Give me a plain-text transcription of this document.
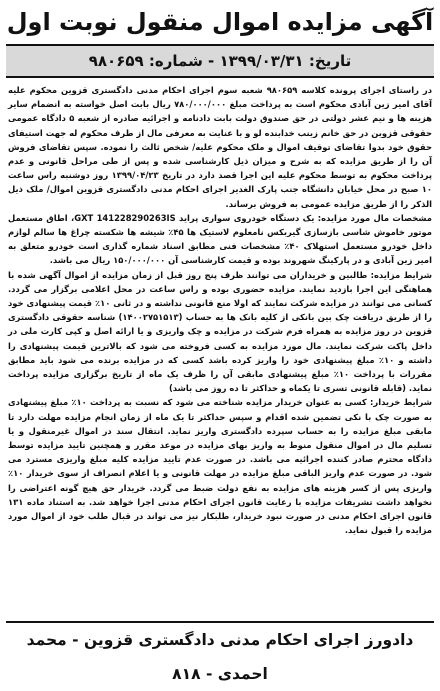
آگهی مزایده اموال منقول نوبت اول
تاریخ: ۱۳۹۹/۰۳/۳۱ - شماره: ۹۸۰۶۵۹

در راستای اجرای پرونده کلاسه ۹۸۰۶۵۹ شعبه سوم اجرای احکام مدنی دادگستری قزوین محکوم علیه آقای امیر زین آبادی محکوم است به پرداخت مبلغ ۷۸۰/۰۰۰/۰۰۰ ریال بابت اصل خواسته به انضمام سایر هزینه ها و نیم عشر دولتی در حق صندوق دولت بابت دادنامه و اجرائیه صادره از شعبه ۵ دادگاه عمومی حقوقی قزوین در حق خانم زینب خدابنده لو و با عنایت به معرفی مال از طرف محکوم له جهت استیفای حقوق خود بدوا تقاضای توقیف اموال و ملک محکوم علیه/ شخص ثالث را نموده. سپس تقاضای فروش آن را از طریق مزایده که به شرح و میزان ذیل کارشناسی شده و پس از طی مراحل قانونی و عدم پرداخت محکوم به توسط محکوم علیه این اجرا قصد دارد در تاریخ ۱۳۹۹/۰۴/۲۳ روز دوشنبه راس ساعت ۱۰ صبح در محل خیابان دانشگاه جنب پارک الغدیر اجرای احکام مدنی دادگستری قزوین اموال/ ملک ذیل الذکر را از طریق مزایده عمومی به فروش برساند.

مشخصات مال مورد مزایده: یک دستگاه خودروی سواری پراید GXT 141228290263IS، اطاق مستعمل موتور خاموش شاسی بازسازی گیربکس نامعلوم لاستیک ها ۴۵٪ شیشه ها شکسته چراغ ها سالم لوازم داخل خودرو مستعمل استهلاک ۴۰٪ مشخصات فنی مطابق اسناد شماره گذاری است خودرو متعلق به امیر زین آبادی و در پارکینگ شهروند بوده و قیمت کارشناسی آن ۱۵۰/۰۰۰/۰۰۰ ریال می باشد.

شرایط مزایده: طالبین و خریداران می توانند ظرف پنج روز قبل از زمان مزایده از اموال آگهی شده با هماهنگی این اجرا بازدید نمایند. مزایده حضوری بوده و راس ساعت در محل اعلامی برگزار می گردد. کسانی می توانند در مزایده شرکت نمایند که اولا منع قانونی نداشته و در ثانی ۱۰٪ قیمت پیشنهادی خود را از طریق دریافت چک بین بانکی از کلیه بانک ها به حساب (۱۴۰۰۲۷۵۱۵۱۳) شناسه حقوقی دادگستری قزوین در روز مزایده به همراه فرم شرکت در مزایده و چک واریزی و یا ارائه اصل و کپی کارت ملی در داخل پاکت شرکت نمایند. مال مورد مزایده به کسی فروخته می شود که بالاترین قیمت پیشنهادی را داشته و ۱۰٪ مبلغ پیشنهادی خود را واریز کرده باشد کسی که در مزایده برنده می شود باید مطابق مقررات با پرداخت ۱۰٪ مبلغ پیشنهادی مابقی آن را ظرف یک ماه از تاریخ برگزاری مزایده پرداخت نماید. (قابله قانونی تسری تا یکماه و حداکثر تا ده روز می باشد)

شرایط خریدار: کسی به عنوان خریدار مزایده شناخته می شود که نسبت به پرداخت ۱۰٪ مبلغ پیشنهادی به صورت چک با نکی تضمین شده اقدام و سپس حداکثر تا یک ماه از زمان انجام مزایده مهلت دارد تا مابقی مبلغ مزایده را به حساب سپرده دادگستری واریز نماید. انتقال سند در اموال غیرمنقول و یا تسلیم مال در اموال منقول منوط به واریز بهای مزایده در موعد مقرر و همچنین تایید مزایده توسط دادگاه محترم صادر کننده اجرائیه می باشد. در صورت عدم تایید مزایده کلیه مبلغ واریزی مسترد می شود. در صورت عدم واریز الباقی مبلغ مزایده در مهلت قانونی و یا اعلام انصراف از سوی خریدار ۱۰٪ واریزی پس از کسر هزینه های مزایده به نفع دولت ضبط می گردد. خریدار حق هیچ گونه اعتراضی را نخواهد داشت تشریفات مزایده با رعایت قانون اجرای احکام مدنی اجرا خواهد شد. به استناد ماده ۱۳۱ قانون اجرای احکام مدنی در صورت نبود خریدار، طلبکار نیز می تواند در قبال طلب خود از اموال مورد مزایده را قبول نماید.

دادورز اجرای احکام مدنی دادگستری قزوین - محمد احمدی - ۸۱۸
